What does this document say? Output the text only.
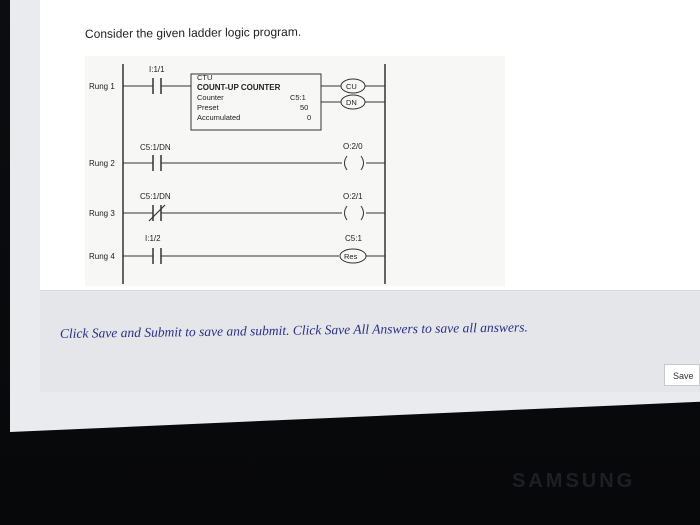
Consider the given ladder logic program.
Rung 1
I:1/1
CTU
COUNT-UP COUNTER
Counter	C5:1
Preset	50
Accumulated	0
CU
DN
Rung 2
C5:1/DN	O:2/0
Rung 3
C5:1/DN	O:2/1
Rung 4
I:1/2	C5:1
Res
Click Save and Submit to save and submit. Click Save All Answers to save all answers.
Save
SAMSUNG
